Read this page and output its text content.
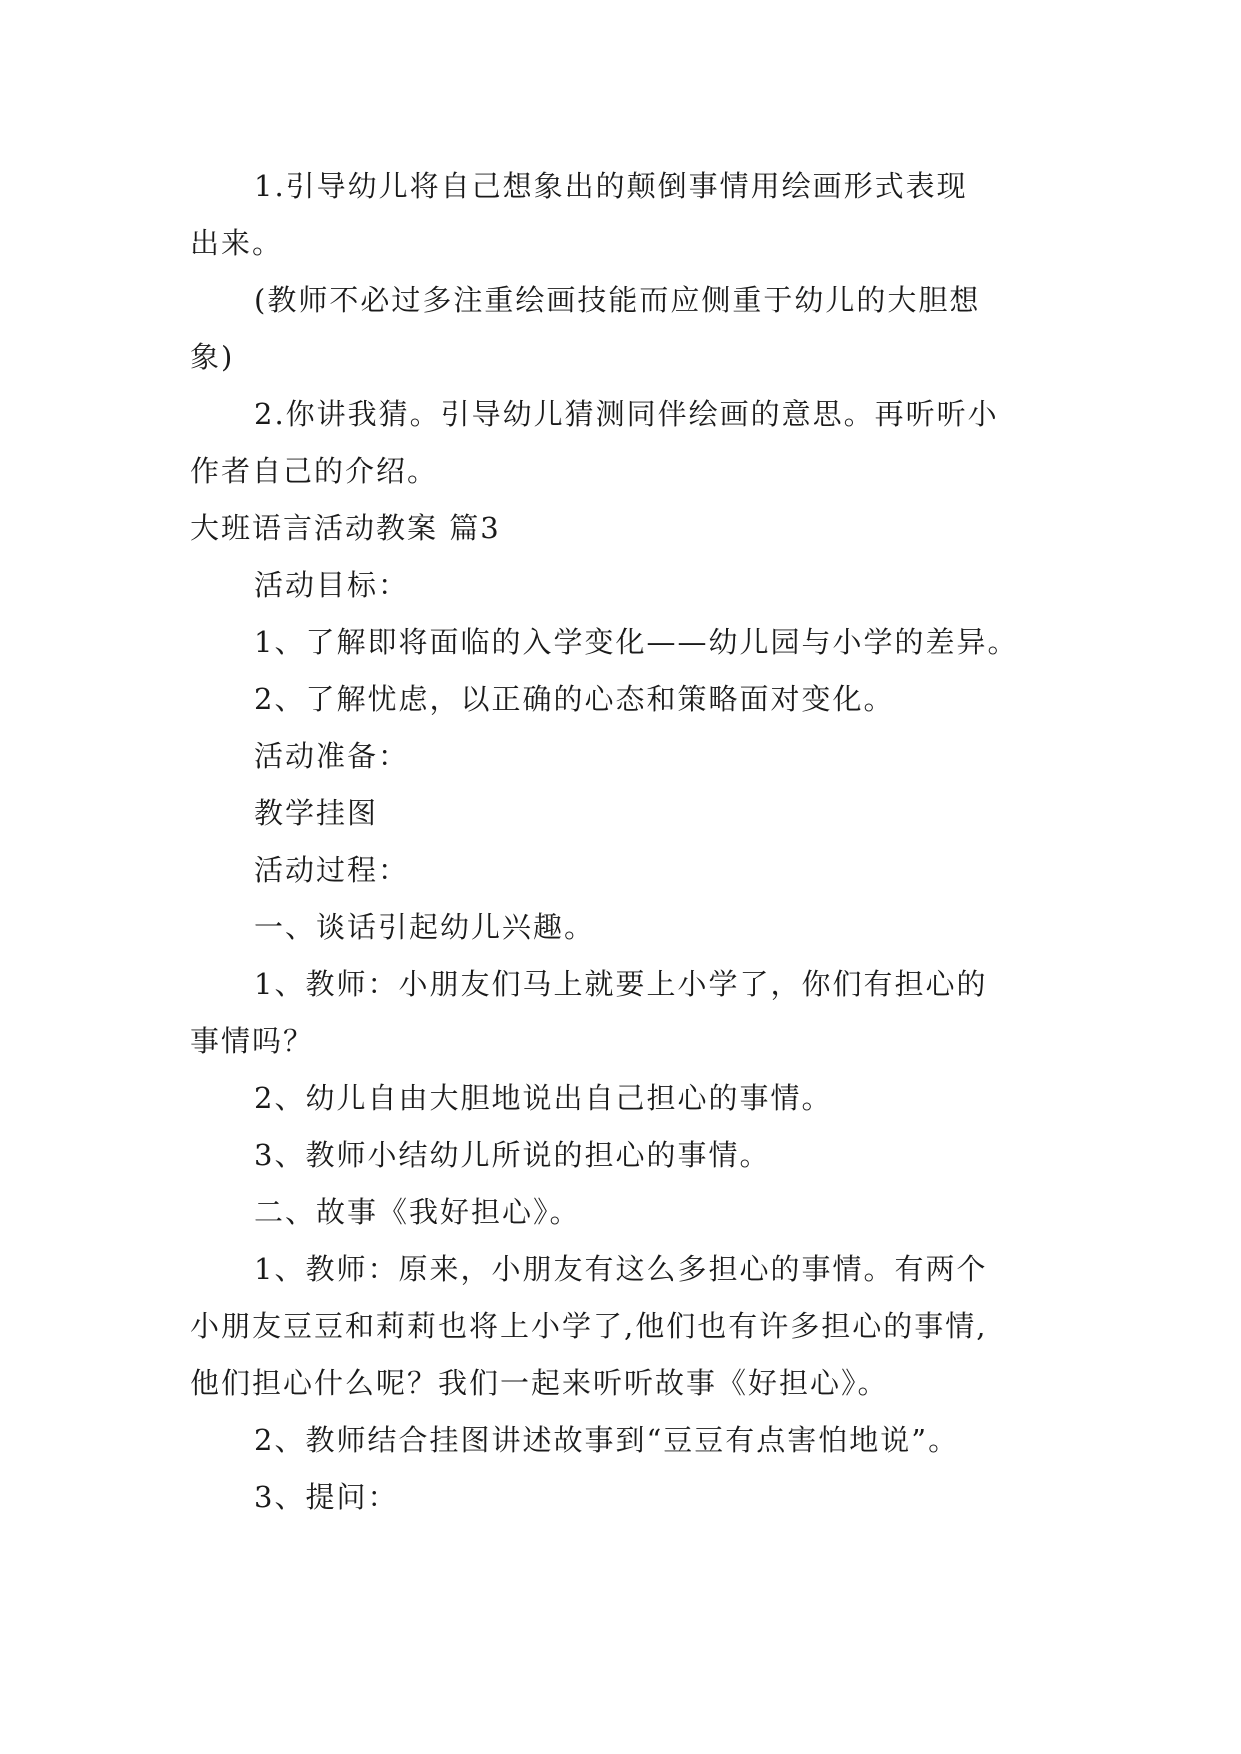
1.引导幼儿将自己想象出的颠倒事情用绘画形式表现

出来。

(教师不必过多注重绘画技能而应侧重于幼儿的大胆想

象)

2.你讲我猜。引导幼儿猜测同伴绘画的意思。再听听小

作者自己的介绍。

大班语言活动教案 篇3

活动目标：

1、了解即将面临的入学变化——幼儿园与小学的差异。

2、了解忧虑，以正确的心态和策略面对变化。

活动准备：

教学挂图

活动过程：

一、谈话引起幼儿兴趣。

1、教师：小朋友们马上就要上小学了，你们有担心的

事情吗？

2、幼儿自由大胆地说出自己担心的事情。

3、教师小结幼儿所说的担心的事情。

二、故事《我好担心》。

1、教师：原来，小朋友有这么多担心的事情。有两个

小朋友豆豆和莉莉也将上小学了,他们也有许多担心的事情,

他们担心什么呢？我们一起来听听故事《好担心》。

2、教师结合挂图讲述故事到“豆豆有点害怕地说”。

3、提问：
